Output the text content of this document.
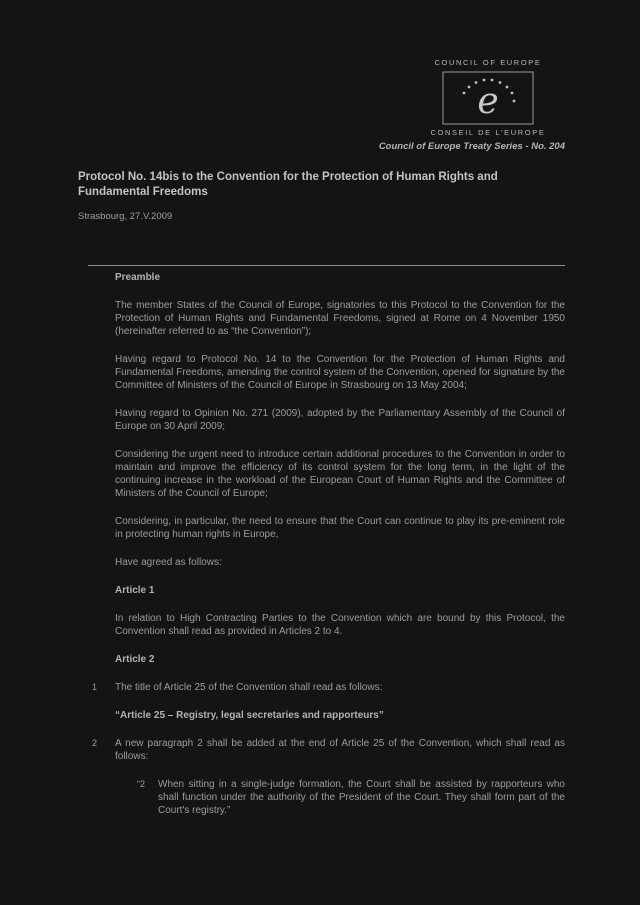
COUNCIL OF EUROPE
e
CONSEIL DE L'EUROPE
Council of Europe Treaty Series - No. 204
Protocol No. 14bis to the Convention for the Protection of Human Rights and Fundamental Freedoms
Strasbourg, 27.V.2009
Preamble

The member States of the Council of Europe, signatories to this Protocol to the Convention for the Protection of Human Rights and Fundamental Freedoms, signed at Rome on 4 November 1950 (hereinafter referred to as “the Convention”);

Having regard to Protocol No. 14 to the Convention for the Protection of Human Rights and Fundamental Freedoms, amending the control system of the Convention, opened for signature by the Committee of Ministers of the Council of Europe in Strasbourg on 13 May 2004;

Having regard to Opinion No. 271 (2009), adopted by the Parliamentary Assembly of the Council of Europe on 30 April 2009;

Considering the urgent need to introduce certain additional procedures to the Convention in order to maintain and improve the efficiency of its control system for the long term, in the light of the continuing increase in the workload of the European Court of Human Rights and the Committee of Ministers of the Council of Europe;

Considering, in particular, the need to ensure that the Court can continue to play its pre-eminent role in protecting human rights in Europe,

Have agreed as follows:

Article 1

In relation to High Contracting Parties to the Convention which are bound by this Protocol, the Convention shall read as provided in Articles 2 to 4.

Article 2
1 The title of Article 25 of the Convention shall read as follows:

“Article 25 – Registry, legal secretaries and rapporteurs”

2 A new paragraph 2 shall be added at the end of Article 25 of the Convention, which shall read as follows:
“2 When sitting in a single-judge formation, the Court shall be assisted by rapporteurs who shall function under the authority of the President of the Court. They shall form part of the Court's registry.”
